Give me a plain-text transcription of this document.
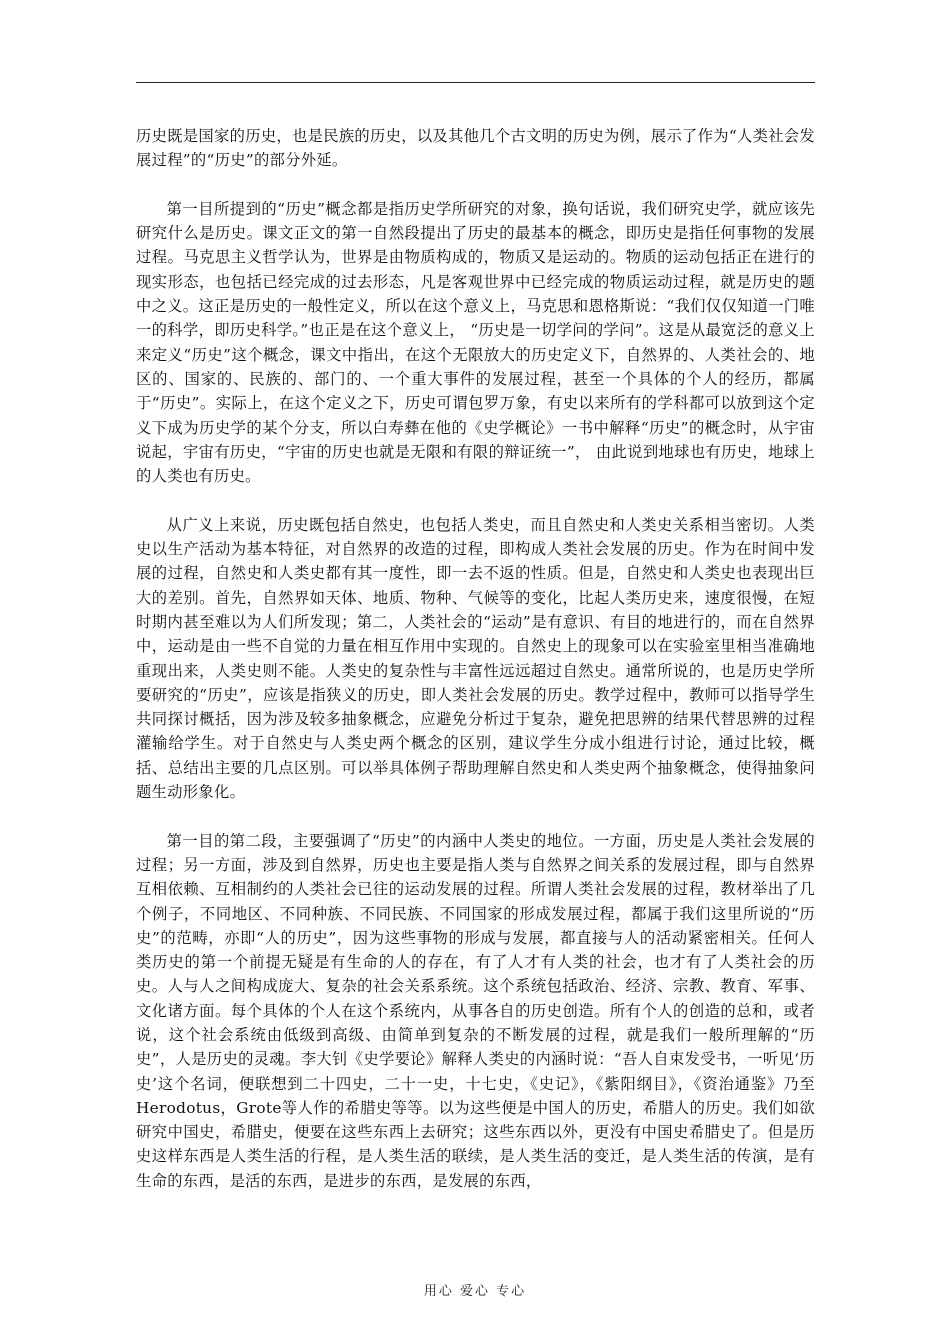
历史既是国家的历史，也是民族的历史，以及其他几个古文明的历史为例，展示了作为“人类社会发展过程”的“历史”的部分外延。

第一目所提到的“历史”概念都是指历史学所研究的对象，换句话说，我们研究史学，就应该先研究什么是历史。课文正文的第一自然段提出了历史的最基本的概念，即历史是指任何事物的发展过程。马克思主义哲学认为，世界是由物质构成的，物质又是运动的。物质的运动包括正在进行的现实形态，也包括已经完成的过去形态，凡是客观世界中已经完成的物质运动过程，就是历史的题中之义。这正是历史的一般性定义，所以在这个意义上，马克思和恩格斯说：“我们仅仅知道一门唯一的科学，即历史科学。”也正是在这个意义上， “历史是一切学问的学问”。这是从最宽泛的意义上来定义“历史”这个概念，课文中指出，在这个无限放大的历史定义下，自然界的、人类社会的、地区的、国家的、民族的、部门的、一个重大事件的发展过程，甚至一个具体的个人的经历，都属于“历史”。实际上，在这个定义之下，历史可谓包罗万象，有史以来所有的学科都可以放到这个定义下成为历史学的某个分支，所以白寿彝在他的《史学概论》一书中解释“历史”的概念时，从宇宙说起，宇宙有历史，“宇宙的历史也就是无限和有限的辩证统一”， 由此说到地球也有历史，地球上的人类也有历史。

从广义上来说，历史既包括自然史，也包括人类史，而且自然史和人类史关系相当密切。人类史以生产活动为基本特征，对自然界的改造的过程，即构成人类社会发展的历史。作为在时间中发展的过程，自然史和人类史都有其一度性，即一去不返的性质。但是，自然史和人类史也表现出巨大的差别。首先，自然界如天体、地质、物种、气候等的变化，比起人类历史来，速度很慢，在短时期内甚至难以为人们所发现；第二，人类社会的“运动”是有意识、有目的地进行的，而在自然界中，运动是由一些不自觉的力量在相互作用中实现的。自然史上的现象可以在实验室里相当准确地重现出来，人类史则不能。人类史的复杂性与丰富性远远超过自然史。通常所说的，也是历史学所要研究的“历史”，应该是指狭义的历史，即人类社会发展的历史。教学过程中，教师可以指导学生共同探讨概括，因为涉及较多抽象概念，应避免分析过于复杂，避免把思辨的结果代替思辨的过程灌输给学生。对于自然史与人类史两个概念的区别，建议学生分成小组进行讨论，通过比较，概括、总结出主要的几点区别。可以举具体例子帮助理解自然史和人类史两个抽象概念，使得抽象问题生动形象化。

第一目的第二段，主要强调了“历史”的内涵中人类史的地位。一方面，历史是人类社会发展的过程；另一方面，涉及到自然界，历史也主要是指人类与自然界之间关系的发展过程，即与自然界互相依赖、互相制约的人类社会已往的运动发展的过程。所谓人类社会发展的过程，教材举出了几个例子，不同地区、不同种族、不同民族、不同国家的形成发展过程，都属于我们这里所说的“历史”的范畴，亦即“人的历史”，因为这些事物的形成与发展，都直接与人的活动紧密相关。任何人类历史的第一个前提无疑是有生命的人的存在，有了人才有人类的社会，也才有了人类社会的历史。人与人之间构成庞大、复杂的社会关系系统。这个系统包括政治、经济、宗教、教育、军事、文化诸方面。每个具体的个人在这个系统内，从事各自的历史创造。所有个人的创造的总和，或者说，这个社会系统由低级到高级、由简单到复杂的不断发展的过程，就是我们一般所理解的“历史”，人是历史的灵魂。李大钊《史学要论》解释人类史的内涵时说：“吾人自束发受书，一听见‘历史’这个名词，便联想到二十四史，二十一史，十七史，《史记》，《紫阳纲目》，《资治通鉴》乃至Herodotus，Grote等人作的希腊史等等。以为这些便是中国人的历史，希腊人的历史。我们如欲研究中国史，希腊史，便要在这些东西上去研究；这些东西以外，更没有中国史希腊史了。但是历史这样东西是人类生活的行程，是人类生活的联续，是人类生活的变迁，是人类生活的传演，是有生命的东西，是活的东西，是进步的东西，是发展的东西，

用心 爱心 专心
